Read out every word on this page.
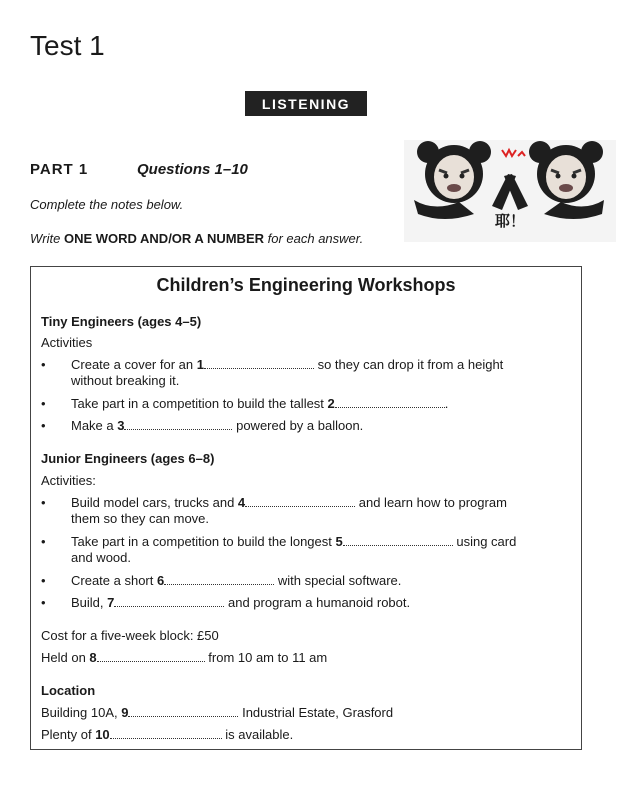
Test 1
LISTENING
PART 1	Questions 1–10
Complete the notes below.
Write ONE WORD AND/OR A NUMBER for each answer.
耶！
Children’s Engineering Workshops
Tiny Engineers (ages 4–5)
Activities
• Create a cover for an 1	so they can drop it from a height
without breaking it.
• Take part in a competition to build the tallest 2	.
• Make a 3	powered by a balloon.
Junior Engineers (ages 6–8)
Activities:
• Build model cars, trucks and 4	and learn how to program
them so they can move.
• Take part in a competition to build the longest 5	using card
and wood.
• Create a short 6	with special software.
• Build, 7	and program a humanoid robot.
Cost for a five-week block: £50
Held on 8	from 10 am to 11 am
Location
Building 10A, 9	Industrial Estate, Grasford
Plenty of 10	is available.
